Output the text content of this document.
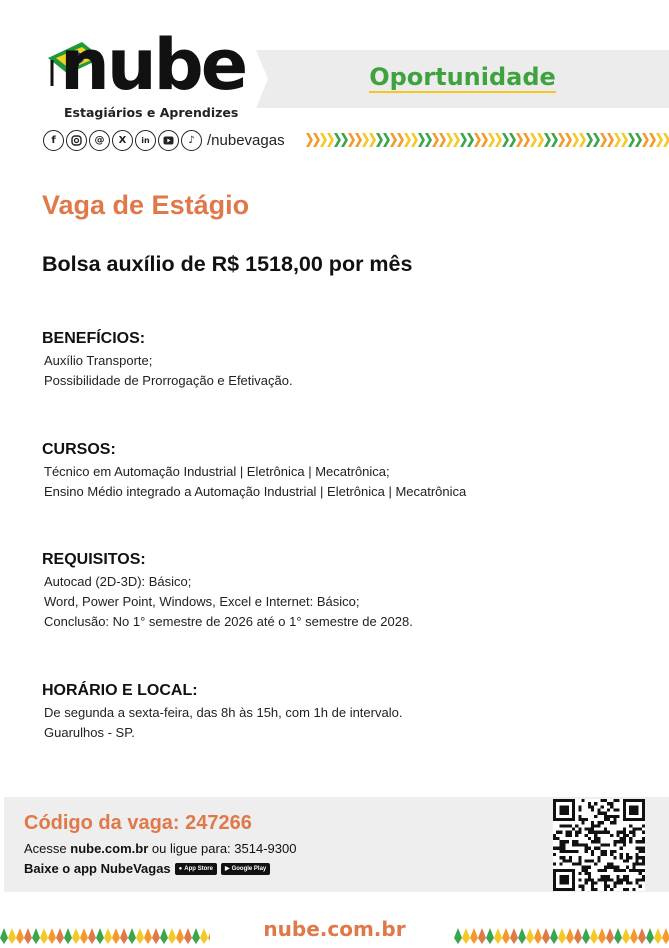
nube
Estagiários e Aprendizes
Oportunidade
f	@	X	in	♪ /nubevagas
Vaga de Estágio
Bolsa auxílio de R$ 1518,00 por mês
BENEFÍCIOS:

Auxílio Transporte;

Possibilidade de Prorrogação e Efetivação.

CURSOS:

Técnico em Automação Industrial | Eletrônica | Mecatrônica;

Ensino Médio integrado a Automação Industrial | Eletrônica | Mecatrônica

REQUISITOS:

Autocad (2D-3D): Básico;

Word, Power Point, Windows, Excel e Internet: Básico;

Conclusão: No 1° semestre de 2026 até o 1° semestre de 2028.

HORÁRIO E LOCAL:

De segunda a sexta-feira, das 8h às 15h, com 1h de intervalo.

Guarulhos - SP.

Código da vaga: 247266
Acesse nube.com.br ou ligue para: 3514-9300
Baixe o app NubeVagas ● App Store ▶ Google Play
nube.com.br
